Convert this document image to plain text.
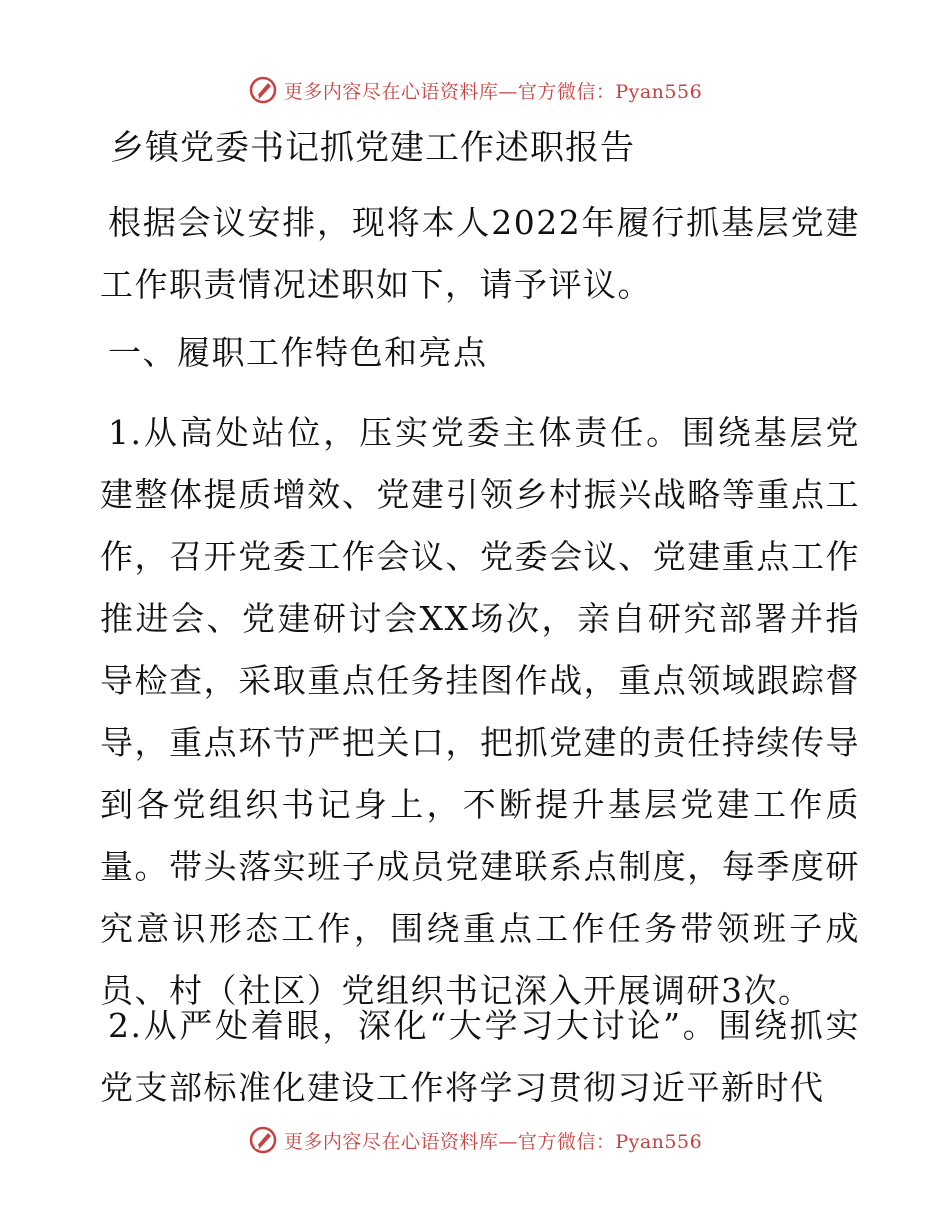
更多内容尽在心语资料库—官方微信：Pyan556
乡镇党委书记抓党建工作述职报告

根据会议安排，现将本人2022年履行抓基层党建工作职责情况述职如下，请予评议。

一、履职工作特色和亮点

1.从高处站位，压实党委主体责任。围绕基层党建整体提质增效、党建引领乡村振兴战略等重点工作，召开党委工作会议、党委会议、党建重点工作推进会、党建研讨会XX场次，亲自研究部署并指导检查，采取重点任务挂图作战，重点领域跟踪督导，重点环节严把关口，把抓党建的责任持续传导到各党组织书记身上，不断提升基层党建工作质量。带头落实班子成员党建联系点制度，每季度研究意识形态工作，围绕重点工作任务带领班子成员、村（社区）党组织书记深入开展调研3次。

2.从严处着眼，深化“大学习大讨论”。围绕抓实党支部标准化建设工作将学习贯彻习近平新时代

更多内容尽在心语资料库—官方微信：Pyan556
